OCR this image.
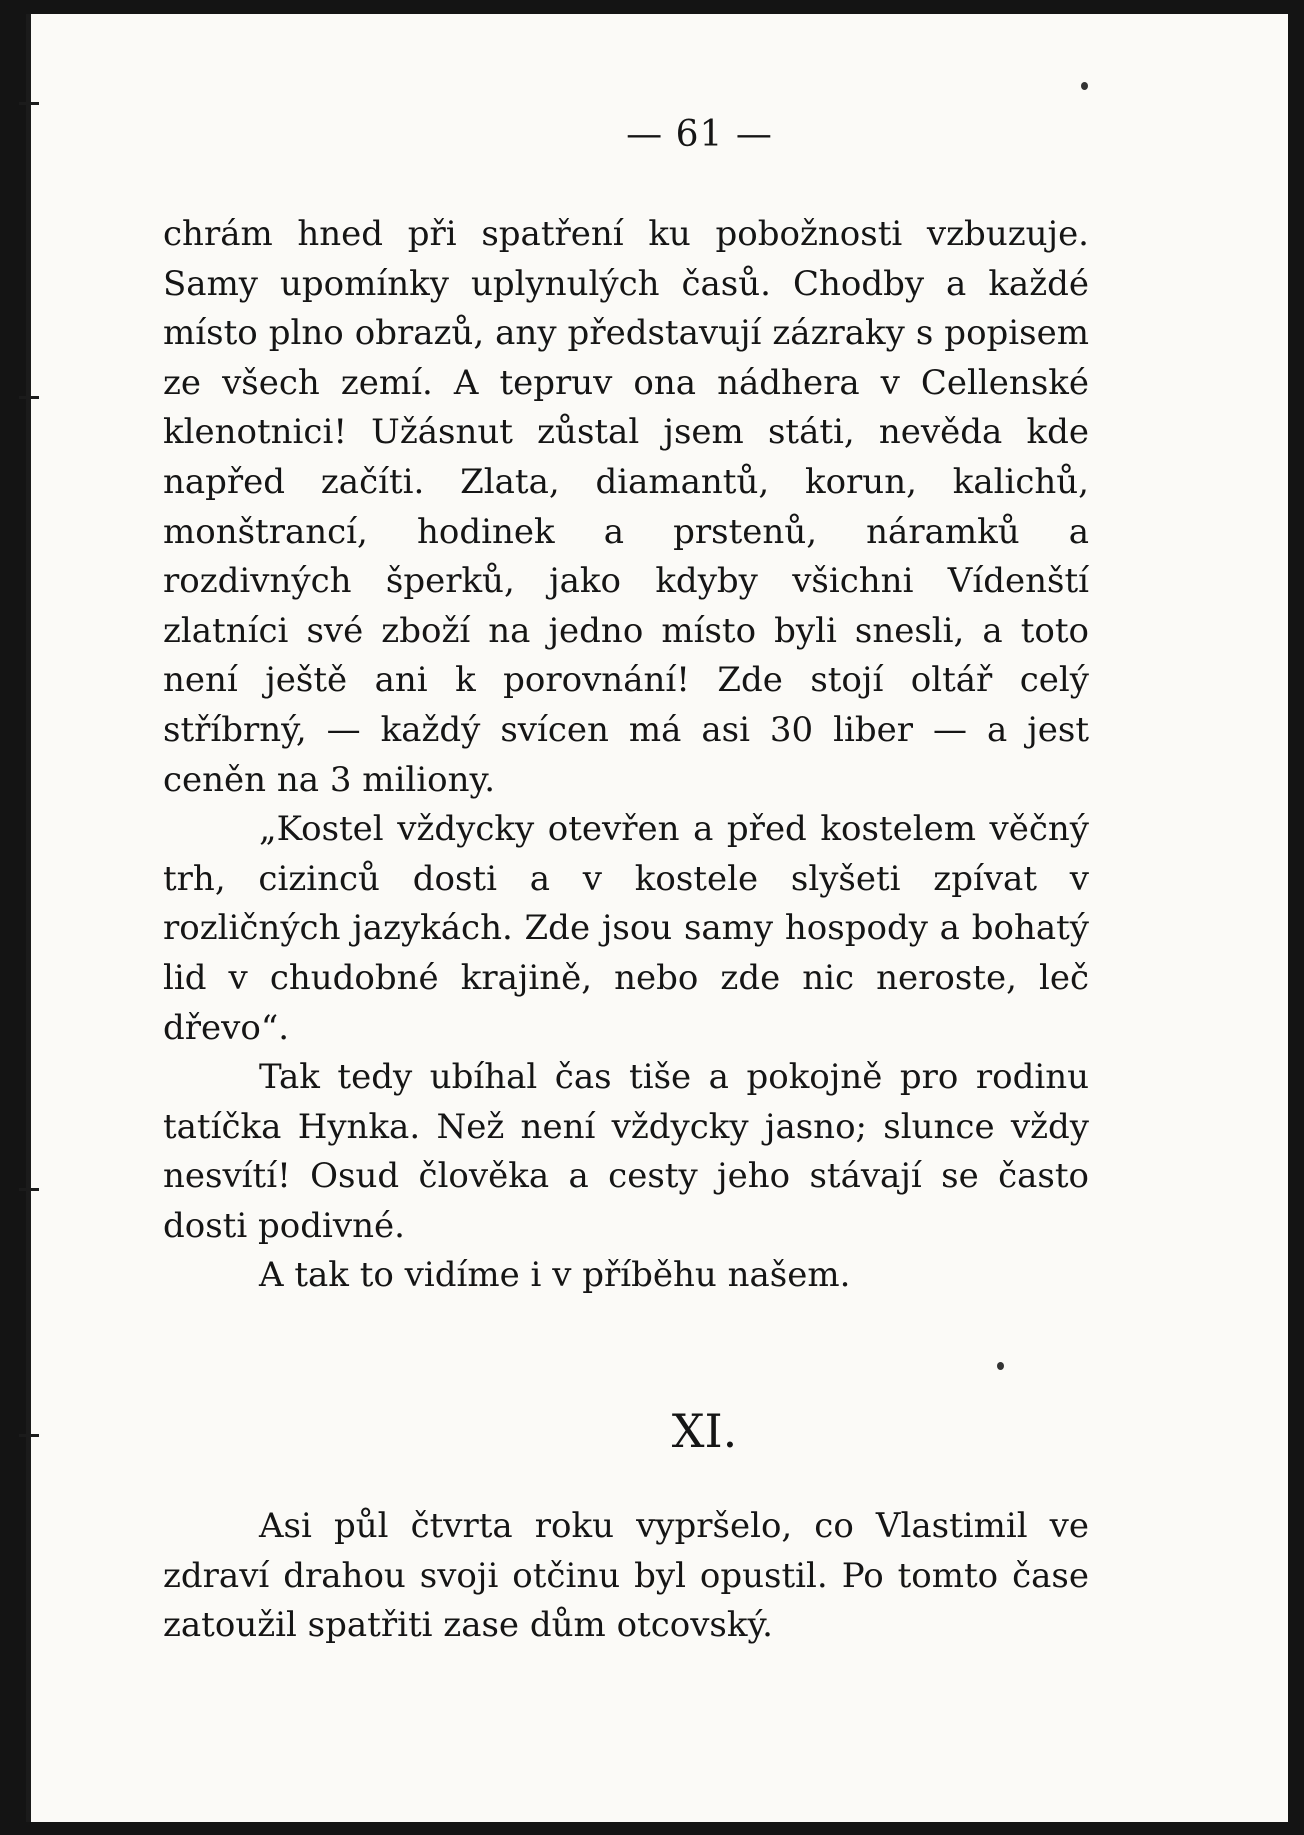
— 61 —

chrám hned při spatření ku pobožnosti vzbuzuje. Samy upomínky uplynulých časů. Chodby a každé místo plno obrazů, any představují zázraky s popisem ze všech zemí. A tepruv ona nádhera v Cellenské klenotnici! Užásnut zůstal jsem státi, nevěda kde napřed začíti. Zlata, diamantů, korun, kalichů, monštrancí, hodinek a prstenů, náramků a rozdivných šperků, jako kdyby všichni Vídenští zlatníci své zboží na jedno místo byli snesli, a toto není ještě ani k porovnání! Zde stojí oltář celý stříbrný, — každý svícen má asi 30 liber — a jest ceněn na 3 miliony.

„Kostel vždycky otevřen a před kostelem věčný trh, cizinců dosti a v kostele slyšeti zpívat v rozličných jazykách. Zde jsou samy hospody a bohatý lid v chudobné krajině, nebo zde nic neroste, leč dřevo“.

Tak tedy ubíhal čas tiše a pokojně pro rodinu tatíčka Hynka. Než není vždycky jasno; slunce vždy nesvítí! Osud člověka a cesty jeho stávají se často dosti podivné.

A tak to vidíme i v příběhu našem.

XI.

Asi půl čtvrta roku vypršelo, co Vlastimil ve zdraví drahou svoji otčinu byl opustil. Po tomto čase zatoužil spatřiti zase dům otcovský.
